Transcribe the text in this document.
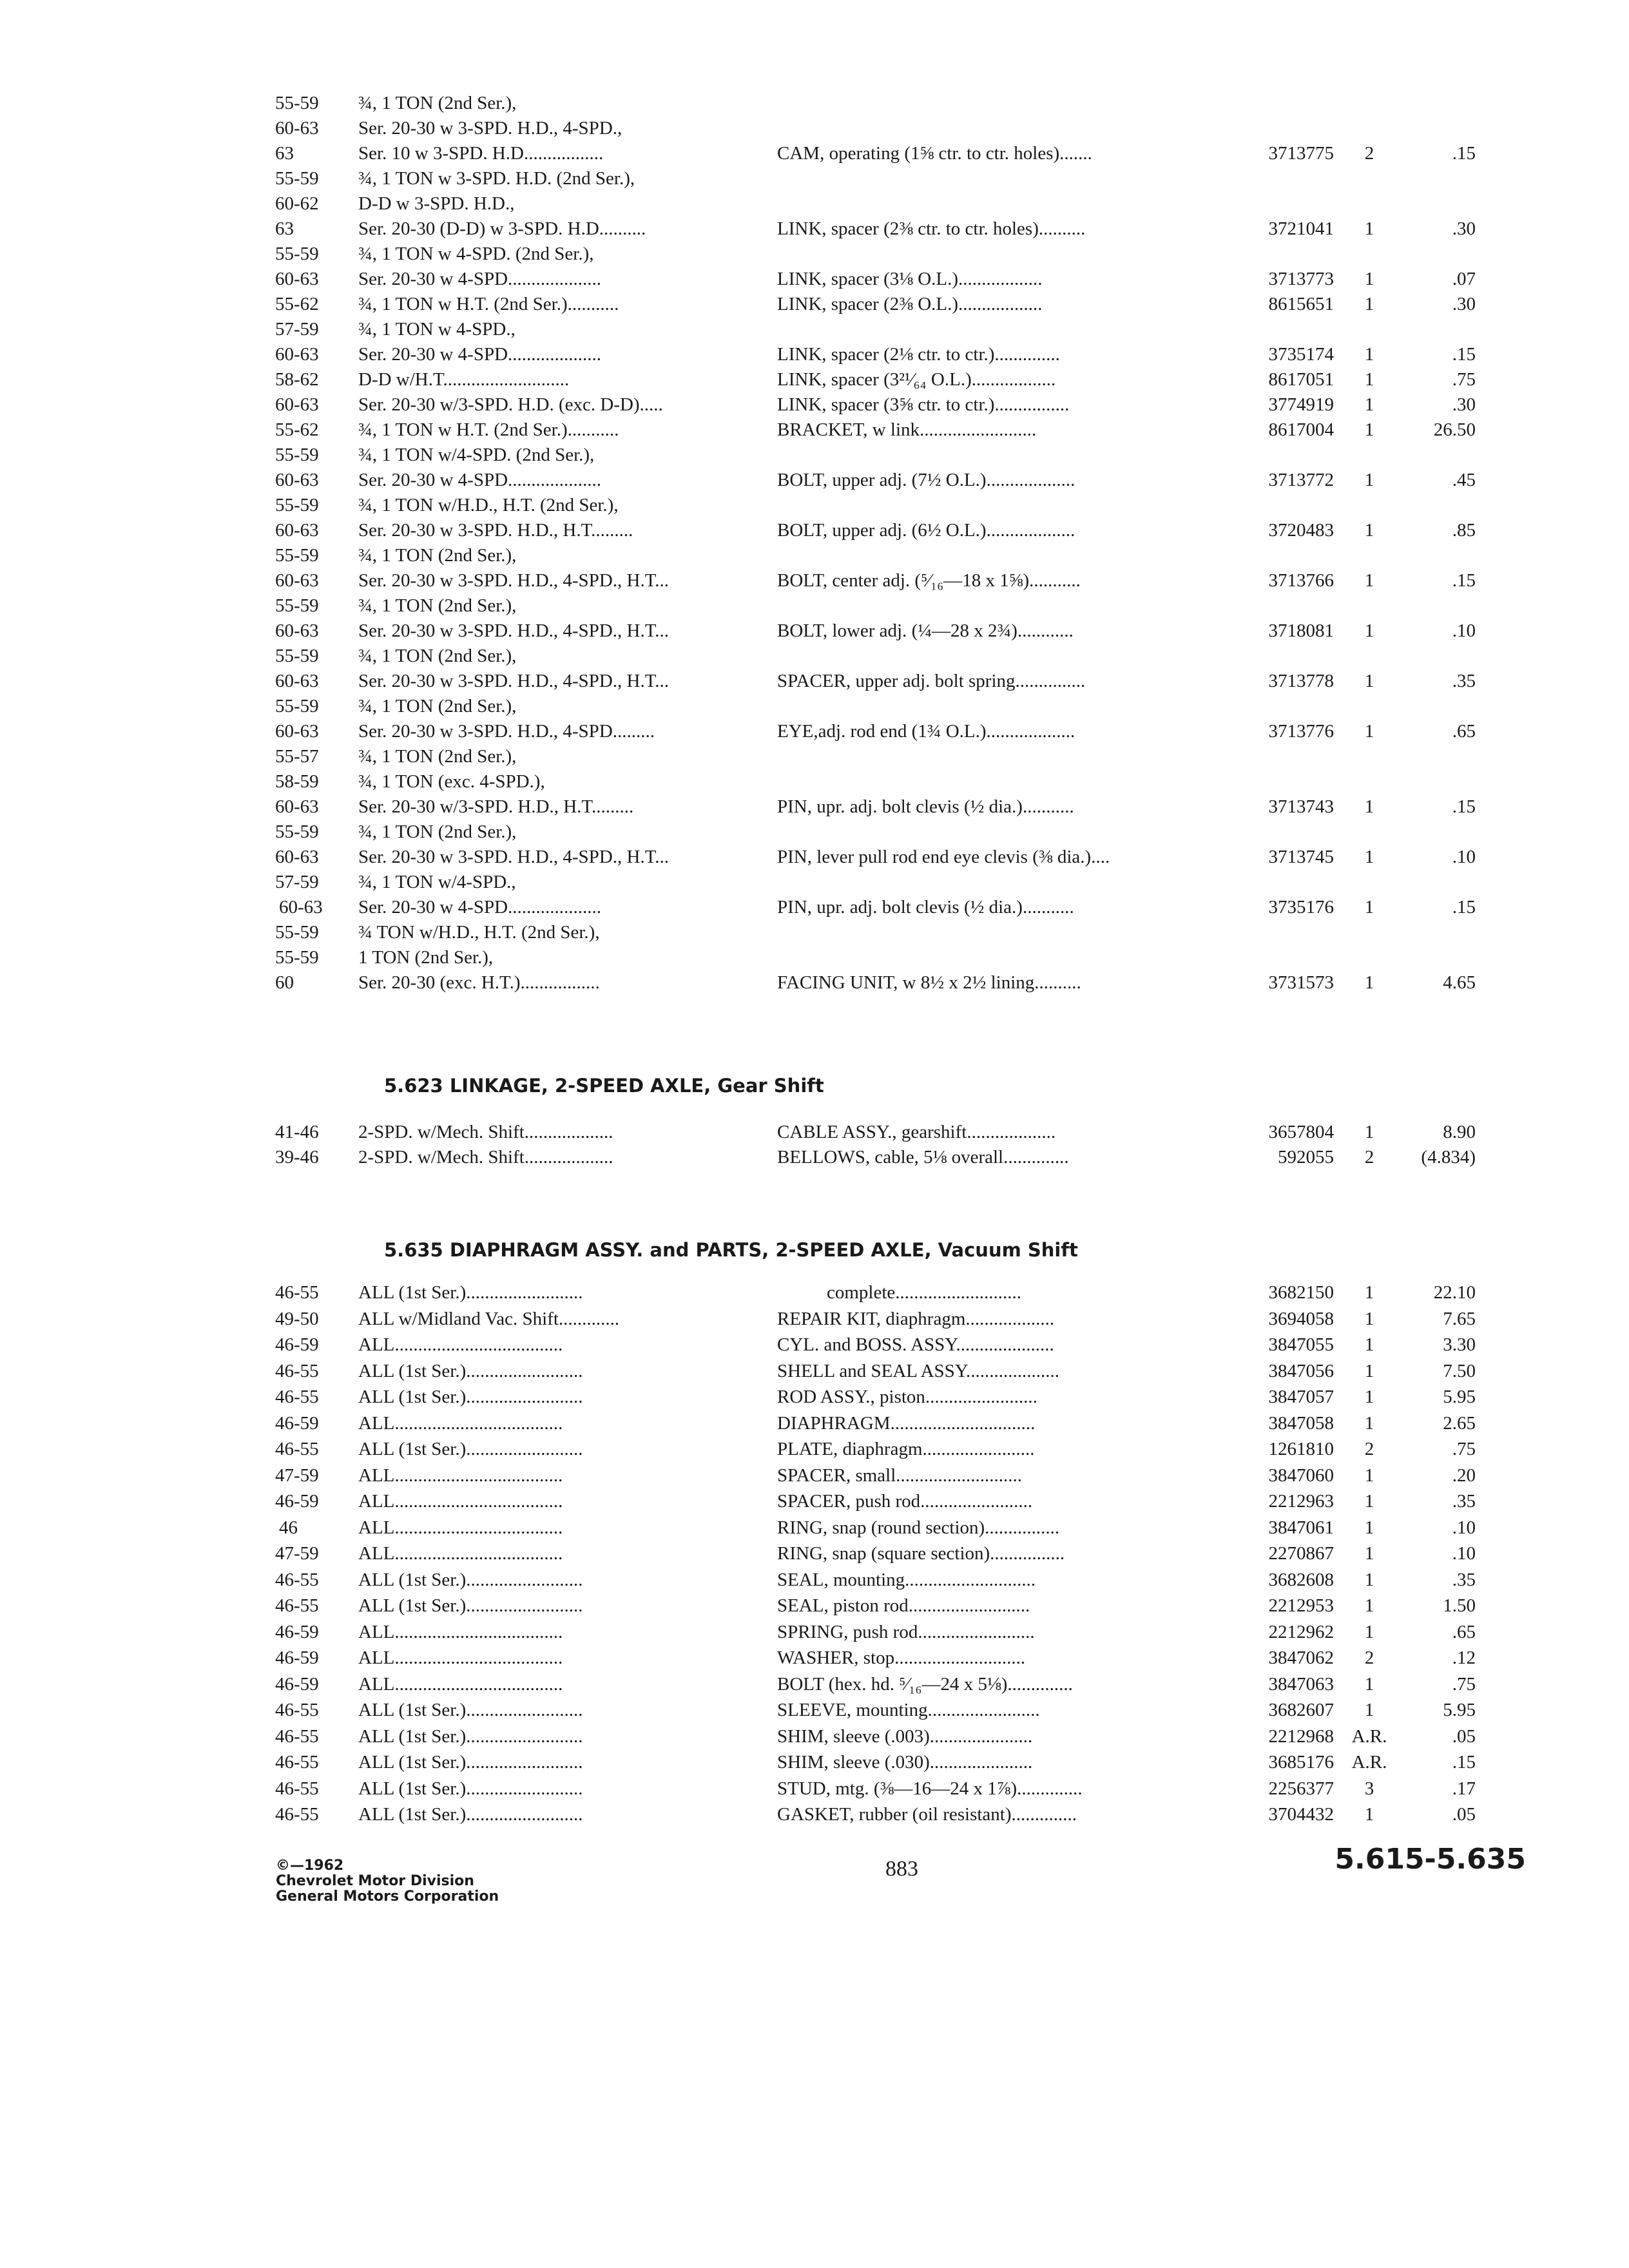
55-59	¾, 1 TON (2nd Ser.),
60-63	Ser. 20-30 w 3-SPD. H.D., 4-SPD.,
63	Ser. 10 w 3-SPD. H.D.................	CAM, operating (1⅝ ctr. to ctr. holes).......	3713775	2	.15
55-59	¾, 1 TON w 3-SPD. H.D. (2nd Ser.),
60-62	D-D w 3-SPD. H.D.,
63	Ser. 20-30 (D-D) w 3-SPD. H.D..........	LINK, spacer (2⅜ ctr. to ctr. holes)..........	3721041	1	.30
55-59	¾, 1 TON w 4-SPD. (2nd Ser.),
60-63	Ser. 20-30 w 4-SPD....................	LINK, spacer (3⅛ O.L.)..................	3713773	1	.07
55-62	¾, 1 TON w H.T. (2nd Ser.)...........	LINK, spacer (2⅜ O.L.)..................	8615651	1	.30
57-59	¾, 1 TON w 4-SPD.,
60-63	Ser. 20-30 w 4-SPD....................	LINK, spacer (2⅛ ctr. to ctr.)..............	3735174	1	.15
58-62	D-D w/H.T...........................	LINK, spacer (3²¹⁄₆₄ O.L.)..................	8617051	1	.75
60-63	Ser. 20-30 w/3-SPD. H.D. (exc. D-D).....	LINK, spacer (3⅝ ctr. to ctr.)................	3774919	1	.30
55-62	¾, 1 TON w H.T. (2nd Ser.)...........	BRACKET, w link.........................	8617004	1	26.50
55-59	¾, 1 TON w/4-SPD. (2nd Ser.),
60-63	Ser. 20-30 w 4-SPD....................	BOLT, upper adj. (7½ O.L.)...................	3713772	1	.45
55-59	¾, 1 TON w/H.D., H.T. (2nd Ser.),
60-63	Ser. 20-30 w 3-SPD. H.D., H.T.........	BOLT, upper adj. (6½ O.L.)...................	3720483	1	.85
55-59	¾, 1 TON (2nd Ser.),
60-63	Ser. 20-30 w 3-SPD. H.D., 4-SPD., H.T...	BOLT, center adj. (⁵⁄₁₆—18 x 1⅝)...........	3713766	1	.15
55-59	¾, 1 TON (2nd Ser.),
60-63	Ser. 20-30 w 3-SPD. H.D., 4-SPD., H.T...	BOLT, lower adj. (¼—28 x 2¾)............	3718081	1	.10
55-59	¾, 1 TON (2nd Ser.),
60-63	Ser. 20-30 w 3-SPD. H.D., 4-SPD., H.T...	SPACER, upper adj. bolt spring...............	3713778	1	.35
55-59	¾, 1 TON (2nd Ser.),
60-63	Ser. 20-30 w 3-SPD. H.D., 4-SPD.........	EYE,adj. rod end (1¾ O.L.)...................	3713776	1	.65
55-57	¾, 1 TON (2nd Ser.),
58-59	¾, 1 TON (exc. 4-SPD.),
60-63	Ser. 20-30 w/3-SPD. H.D., H.T.........	PIN, upr. adj. bolt clevis (½ dia.)...........	3713743	1	.15
55-59	¾, 1 TON (2nd Ser.),
60-63	Ser. 20-30 w 3-SPD. H.D., 4-SPD., H.T...	PIN, lever pull rod end eye clevis (⅜ dia.)....	3713745	1	.10
57-59	¾, 1 TON w/4-SPD.,
60-63	Ser. 20-30 w 4-SPD....................	PIN, upr. adj. bolt clevis (½ dia.)...........	3735176	1	.15
55-59	¾ TON w/H.D., H.T. (2nd Ser.),
55-59	1 TON (2nd Ser.),
60	Ser. 20-30 (exc. H.T.).................	FACING UNIT, w 8½ x 2½ lining..........	3731573	1	4.65
5.623 LINKAGE, 2-SPEED AXLE, Gear Shift
41-46	2-SPD. w/Mech. Shift...................	CABLE ASSY., gearshift...................	3657804	1	8.90
39-46	2-SPD. w/Mech. Shift...................	BELLOWS, cable, 5⅛ overall..............	592055	2	(4.834)
5.635 DIAPHRAGM ASSY. and PARTS, 2-SPEED AXLE, Vacuum Shift
46-55	ALL (1st Ser.).........................	complete...........................	3682150	1	22.10
49-50	ALL w/Midland Vac. Shift.............	REPAIR KIT, diaphragm...................	3694058	1	7.65
46-59	ALL....................................	CYL. and BOSS. ASSY.....................	3847055	1	3.30
46-55	ALL (1st Ser.).........................	SHELL and SEAL ASSY....................	3847056	1	7.50
46-55	ALL (1st Ser.).........................	ROD ASSY., piston........................	3847057	1	5.95
46-59	ALL....................................	DIAPHRAGM...............................	3847058	1	2.65
46-55	ALL (1st Ser.).........................	PLATE, diaphragm........................	1261810	2	.75
47-59	ALL....................................	SPACER, small...........................	3847060	1	.20
46-59	ALL....................................	SPACER, push rod........................	2212963	1	.35
46	ALL....................................	RING, snap (round section)................	3847061	1	.10
47-59	ALL....................................	RING, snap (square section)................	2270867	1	.10
46-55	ALL (1st Ser.).........................	SEAL, mounting............................	3682608	1	.35
46-55	ALL (1st Ser.).........................	SEAL, piston rod..........................	2212953	1	1.50
46-59	ALL....................................	SPRING, push rod.........................	2212962	1	.65
46-59	ALL....................................	WASHER, stop............................	3847062	2	.12
46-59	ALL....................................	BOLT (hex. hd. ⁵⁄₁₆—24 x 5⅛)..............	3847063	1	.75
46-55	ALL (1st Ser.).........................	SLEEVE, mounting........................	3682607	1	5.95
46-55	ALL (1st Ser.).........................	SHIM, sleeve (.003)......................	2212968 A.R.	.05
46-55	ALL (1st Ser.).........................	SHIM, sleeve (.030)......................	3685176 A.R.	.15
46-55	ALL (1st Ser.).........................	STUD, mtg. (⅜—16—24 x 1⅞)..............	2256377	3	.17
46-55	ALL (1st Ser.).........................	GASKET, rubber (oil resistant)..............	3704432	1	.05
©—1962
Chevrolet Motor Division
General Motors Corporation
883	5.615-5.635
